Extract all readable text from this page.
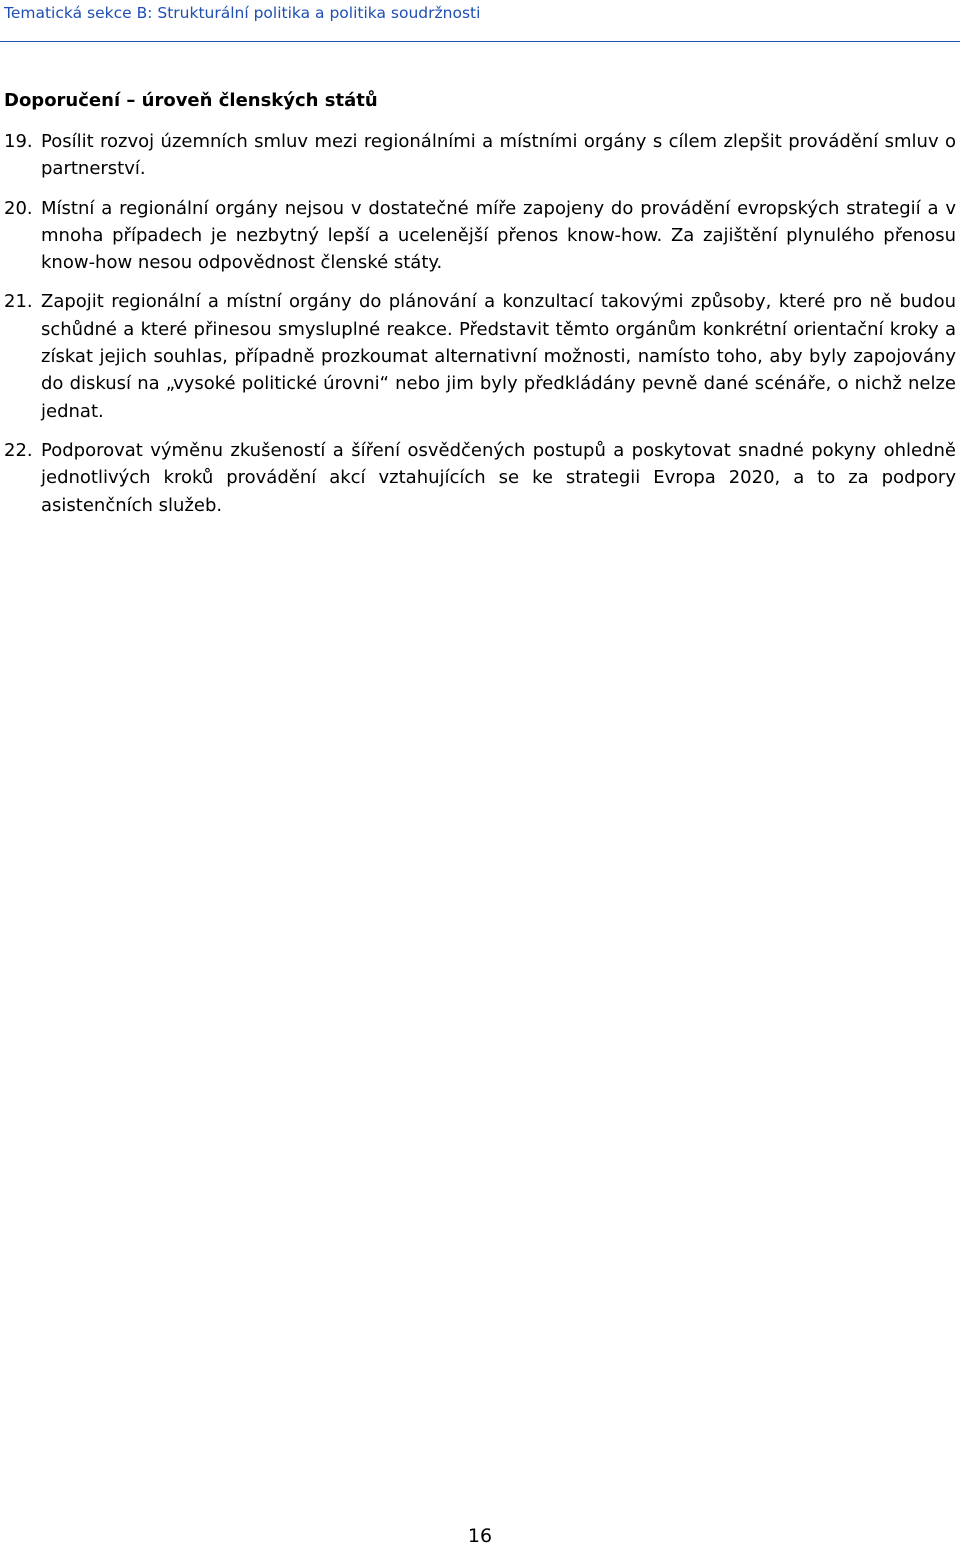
Tematická sekce B: Strukturální politika a politika soudržnosti
Doporučení – úroveň členských států
19. Posílit rozvoj územních smluv mezi regionálními a místními orgány s cílem zlepšit provádění smluv o partnerství.
20. Místní a regionální orgány nejsou v dostatečné míře zapojeny do provádění evropských strategií a v mnoha případech je nezbytný lepší a ucelenější přenos know-how. Za zajištění plynulého přenosu know-how nesou odpovědnost členské státy.
21. Zapojit regionální a místní orgány do plánování a konzultací takovými způsoby, které pro ně budou schůdné a které přinesou smysluplné reakce. Představit těmto orgánům konkrétní orientační kroky a získat jejich souhlas, případně prozkoumat alternativní možnosti, namísto toho, aby byly zapojovány do diskusí na „vysoké politické úrovni“ nebo jim byly předkládány pevně dané scénáře, o nichž nelze jednat.
22. Podporovat výměnu zkušeností a šíření osvědčených postupů a poskytovat snadné pokyny ohledně jednotlivých kroků provádění akcí vztahujících se ke strategii Evropa 2020, a to za podpory asistenčních služeb.
16
